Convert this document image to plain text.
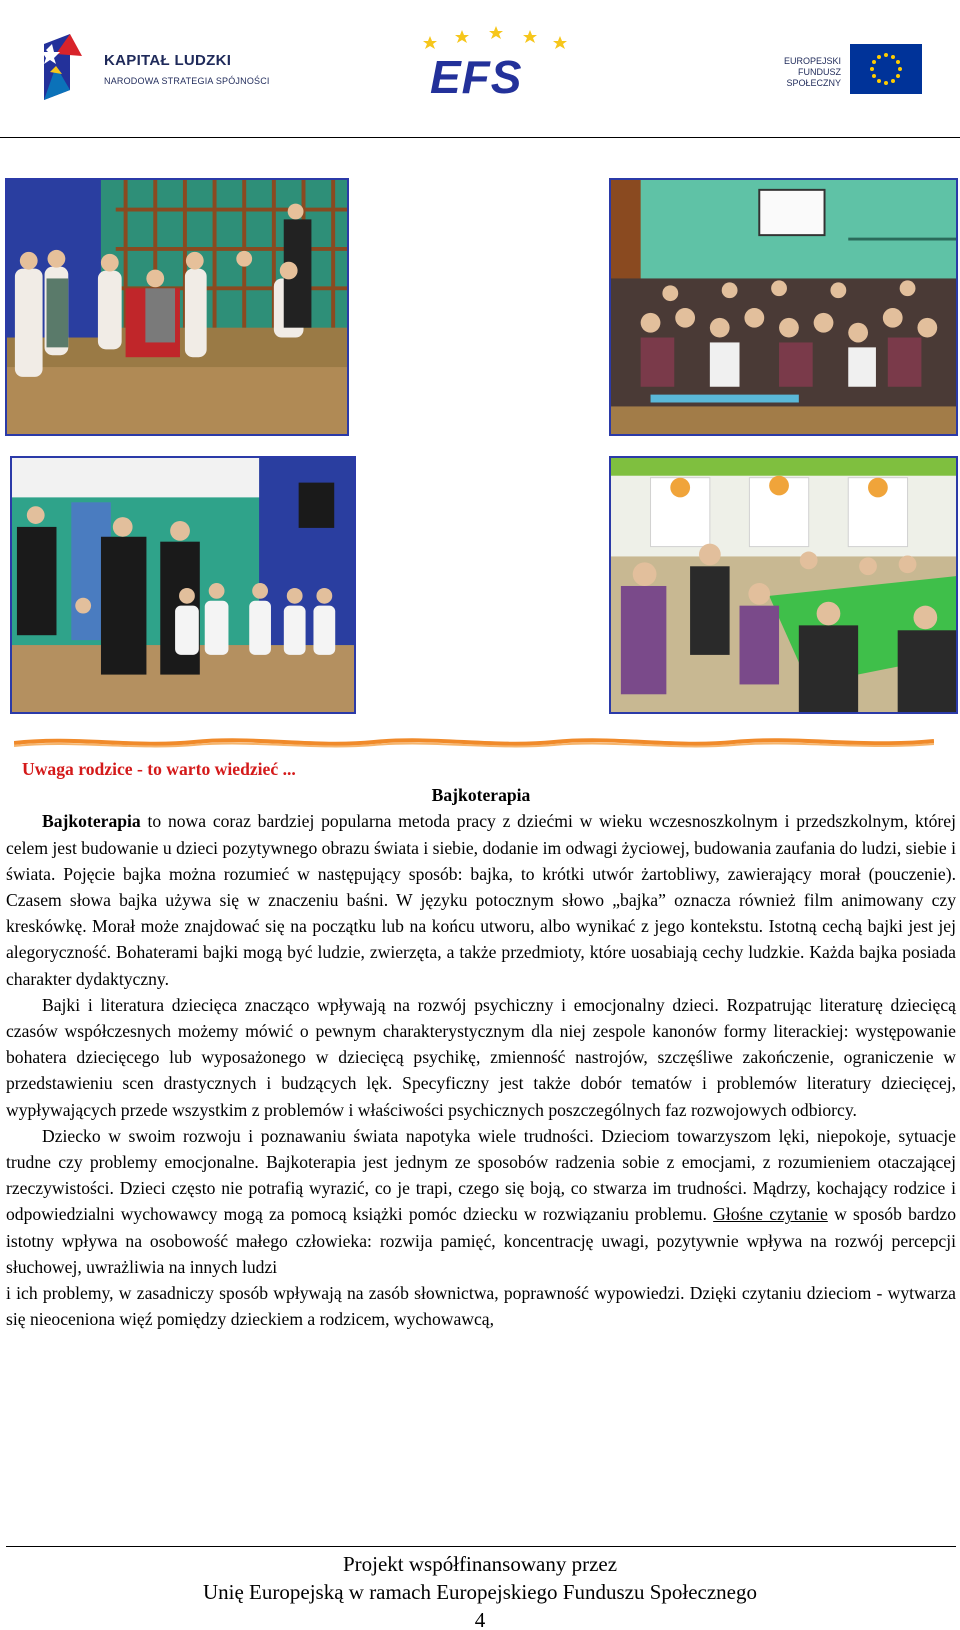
KAPITAŁ LUDZKI
NARODOWA STRATEGIA SPÓJNOŚCI	EFS	EUROPEJSKI
FUNDUSZ SPOŁECZNY
Uwaga rodzice - to warto wiedzieć ...
Bajkoterapia

Bajkoterapia to nowa coraz bardziej popularna metoda pracy z dziećmi w wieku wczesnoszkolnym i przedszkolnym, której celem jest budowanie u dzieci pozytywnego obrazu świata i siebie, dodanie im odwagi życiowej, budowania zaufania do ludzi, siebie i świata. Pojęcie bajka można rozumieć w następujący sposób: bajka, to krótki utwór żartobliwy, zawierający morał (pouczenie). Czasem słowa bajka używa się w znaczeniu baśni. W języku potocznym słowo „bajka” oznacza również film animowany czy kreskówkę. Morał może znajdować się na początku lub na końcu utworu, albo wynikać z jego kontekstu. Istotną cechą bajki jest jej alegoryczność. Bohaterami bajki mogą być ludzie, zwierzęta, a także przedmioty, które uosabiają cechy ludzkie. Każda bajka posiada charakter dydaktyczny.

Bajki i literatura dziecięca znacząco wpływają na rozwój psychiczny i emocjonalny dzieci. Rozpatrując literaturę dziecięcą czasów współczesnych możemy mówić o pewnym charakterystycznym dla niej zespole kanonów formy literackiej: występowanie bohatera dziecięcego lub wyposażonego w dziecięcą psychikę, zmienność nastrojów, szczęśliwe zakończenie, ograniczenie w przedstawieniu scen drastycznych i budzących lęk. Specyficzny jest także dobór tematów i problemów literatury dziecięcej, wypływających przede wszystkim z problemów i właściwości psychicznych poszczególnych faz rozwojowych odbiorcy.

Dziecko w swoim rozwoju i poznawaniu świata napotyka wiele trudności. Dzieciom towarzyszom lęki, niepokoje, sytuacje trudne czy problemy emocjonalne. Bajkoterapia jest jednym ze sposobów radzenia sobie z emocjami, z rozumieniem otaczającej rzeczywistości. Dzieci często nie potrafią wyrazić, co je trapi, czego się boją, co stwarza im trudności. Mądrzy, kochający rodzice i odpowiedzialni wychowawcy mogą za pomocą książki pomóc dziecku w rozwiązaniu problemu. Głośne czytanie w sposób bardzo istotny wpływa na osobowość małego człowieka: rozwija pamięć, koncentrację uwagi, pozytywnie wpływa na rozwój percepcji słuchowej, uwrażliwia na innych ludzi

i ich problemy, w zasadniczy sposób wpływają na zasób słownictwa, poprawność wypowiedzi. Dzięki czytaniu dzieciom - wytwarza się nieoceniona więź pomiędzy dzieckiem a rodzicem, wychowawcą,

Projekt współfinansowany przez
Unię Europejską w ramach Europejskiego Funduszu Społecznego
4
